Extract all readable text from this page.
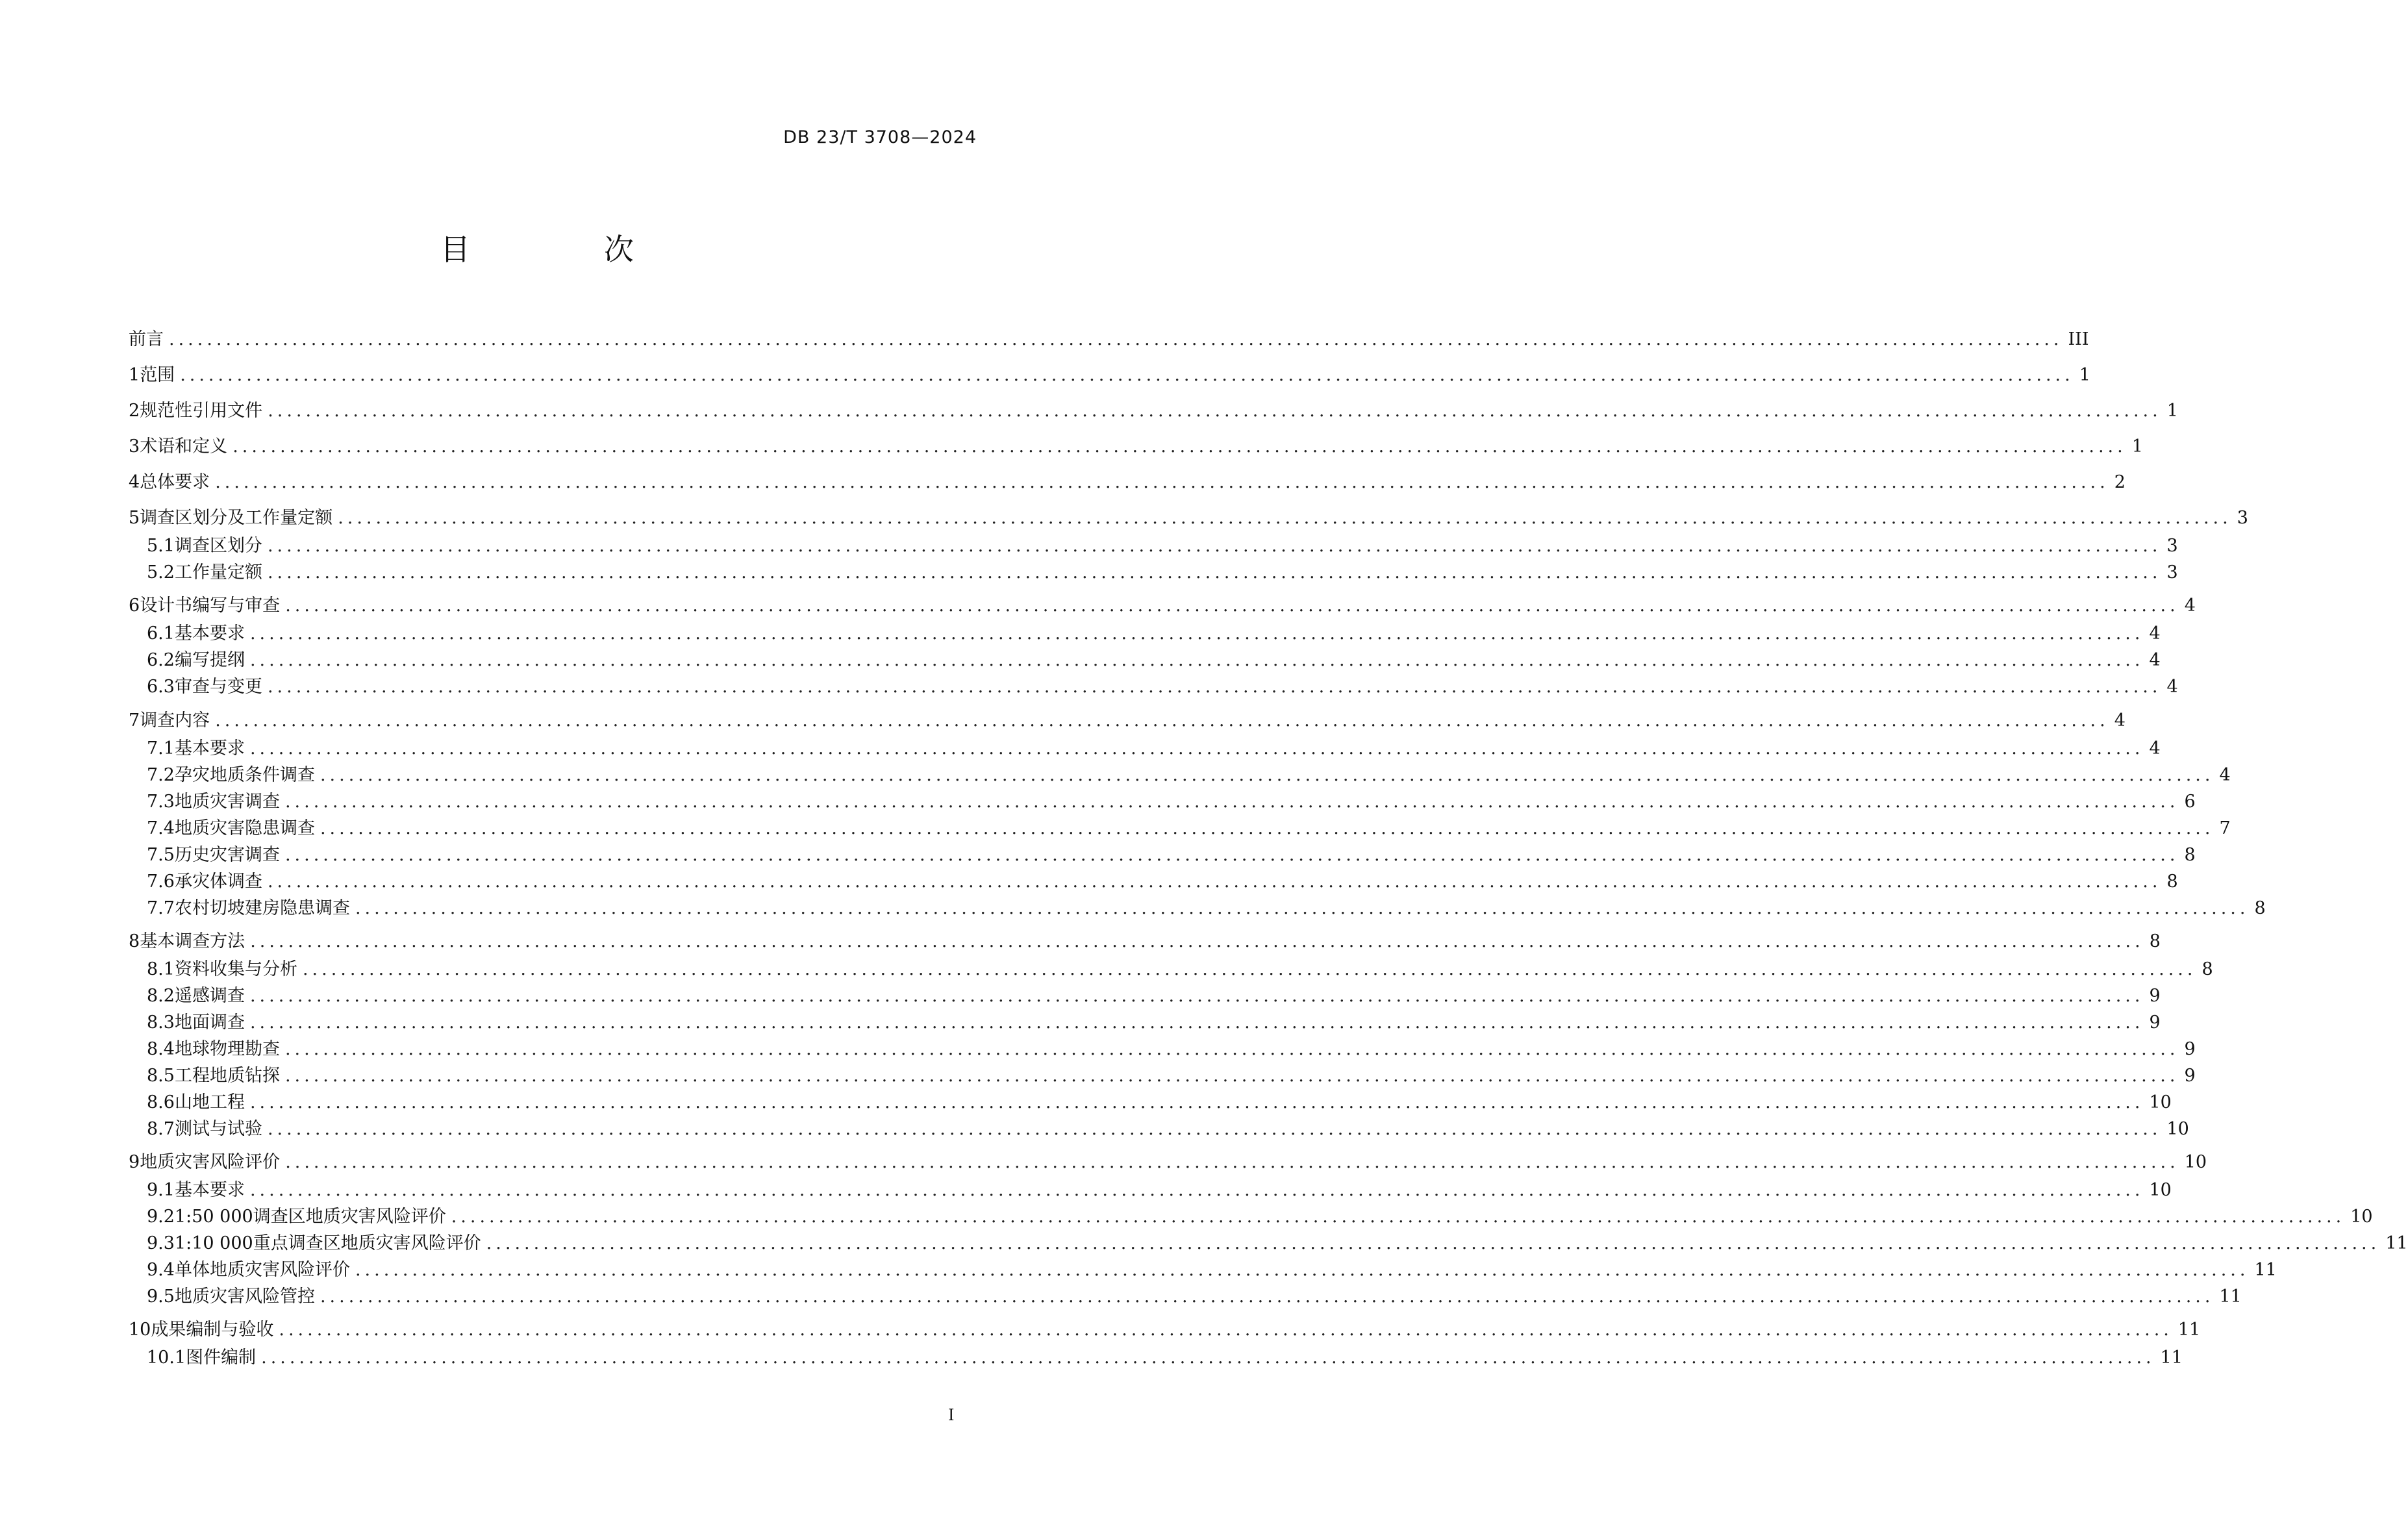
DB 23/T 3708—2024
目　次
前言 ........................................................................................................................................................................................................ III
1 范围 ........................................................................................................................................................................................................ 1
2 规范性引用文件 ........................................................................................................................................................................................................ 1
3 术语和定义 ........................................................................................................................................................................................................ 1
4 总体要求 ........................................................................................................................................................................................................ 2
5 调查区划分及工作量定额 ........................................................................................................................................................................................................ 3
5.1 调查区划分 ........................................................................................................................................................................................................ 3
5.2 工作量定额 ........................................................................................................................................................................................................ 3
6 设计书编写与审查 ........................................................................................................................................................................................................ 4
6.1 基本要求 ........................................................................................................................................................................................................ 4
6.2 编写提纲 ........................................................................................................................................................................................................ 4
6.3 审查与变更 ........................................................................................................................................................................................................ 4
7 调查内容 ........................................................................................................................................................................................................ 4
7.1 基本要求 ........................................................................................................................................................................................................ 4
7.2 孕灾地质条件调查 ........................................................................................................................................................................................................ 4
7.3 地质灾害调查 ........................................................................................................................................................................................................ 6
7.4 地质灾害隐患调查 ........................................................................................................................................................................................................ 7
7.5 历史灾害调查 ........................................................................................................................................................................................................ 8
7.6 承灾体调查 ........................................................................................................................................................................................................ 8
7.7 农村切坡建房隐患调查 ........................................................................................................................................................................................................ 8
8 基本调查方法 ........................................................................................................................................................................................................ 8
8.1 资料收集与分析 ........................................................................................................................................................................................................ 8
8.2 遥感调查 ........................................................................................................................................................................................................ 9
8.3 地面调查 ........................................................................................................................................................................................................ 9
8.4 地球物理勘查 ........................................................................................................................................................................................................ 9
8.5 工程地质钻探 ........................................................................................................................................................................................................ 9
8.6 山地工程 ........................................................................................................................................................................................................ 10
8.7 测试与试验 ........................................................................................................................................................................................................ 10
9 地质灾害风险评价 ........................................................................................................................................................................................................ 10
9.1 基本要求 ........................................................................................................................................................................................................ 10
9.2 1:50 000调查区地质灾害风险评价 ........................................................................................................................................................................................................ 10
9.3 1:10 000重点调查区地质灾害风险评价 ........................................................................................................................................................................................................ 11
9.4 单体地质灾害风险评价 ........................................................................................................................................................................................................ 11
9.5 地质灾害风险管控 ........................................................................................................................................................................................................ 11
10 成果编制与验收 ........................................................................................................................................................................................................ 11
10.1 图件编制 ........................................................................................................................................................................................................ 11
I
